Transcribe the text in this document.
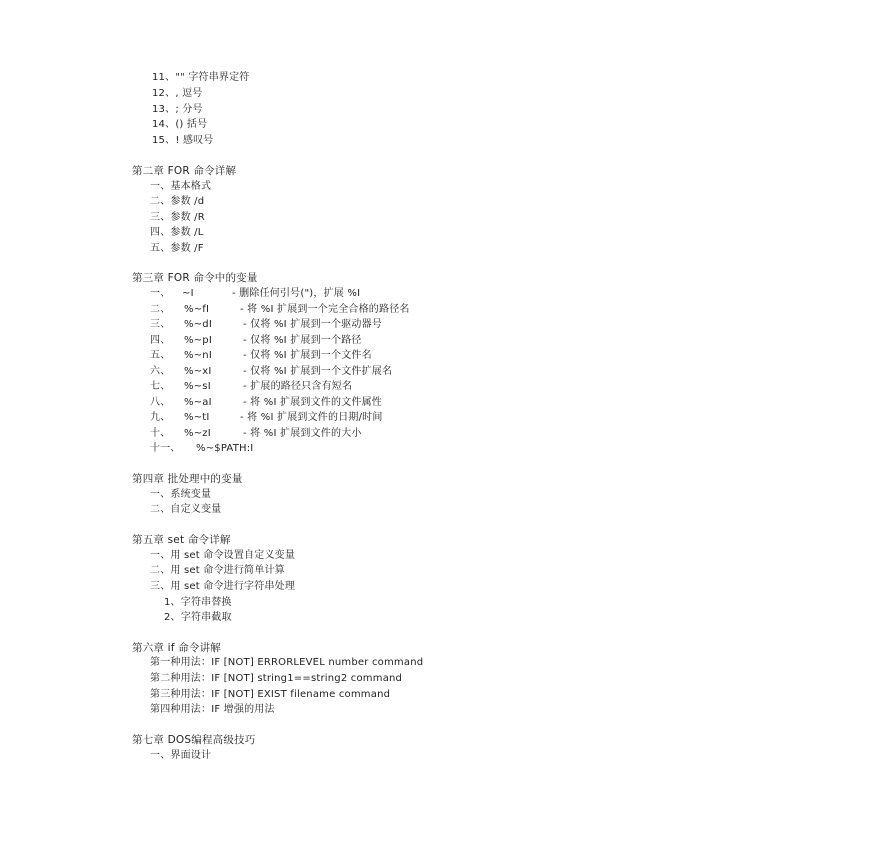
11、"" 字符串界定符
12、, 逗号
13、; 分号
14、() 括号
15、! 感叹号
第二章 FOR 命令详解
一、基本格式
二、参数 /d
三、参数 /R
四、参数 /L
五、参数 /F
第三章 FOR 命令中的变量
一、 ~I	- 删除任何引号(")，扩展 %I
二、 %~fI	- 将 %I 扩展到一个完全合格的路径名
三、 %~dI	- 仅将 %I 扩展到一个驱动器号
四、 %~pI	- 仅将 %I 扩展到一个路径
五、 %~nI	- 仅将 %I 扩展到一个文件名
六、 %~xI	- 仅将 %I 扩展到一个文件扩展名
七、 %~sI	- 扩展的路径只含有短名
八、 %~aI	- 将 %I 扩展到文件的文件属性
九、 %~tI	- 将 %I 扩展到文件的日期/时间
十、 %~zI	- 将 %I 扩展到文件的大小
十一、 %~$PATH:I
第四章 批处理中的变量
一、系统变量
二、自定义变量
第五章 set 命令详解
一、用 set 命令设置自定义变量
二、用 set 命令进行简单计算
三、用 set 命令进行字符串处理
1、字符串替换
2、字符串截取
第六章 if 命令讲解
第一种用法：IF [NOT] ERRORLEVEL number command
第二种用法：IF [NOT] string1==string2 command
第三种用法：IF [NOT] EXIST filename command
第四种用法：IF 增强的用法
第七章 DOS编程高级技巧
一、界面设计
